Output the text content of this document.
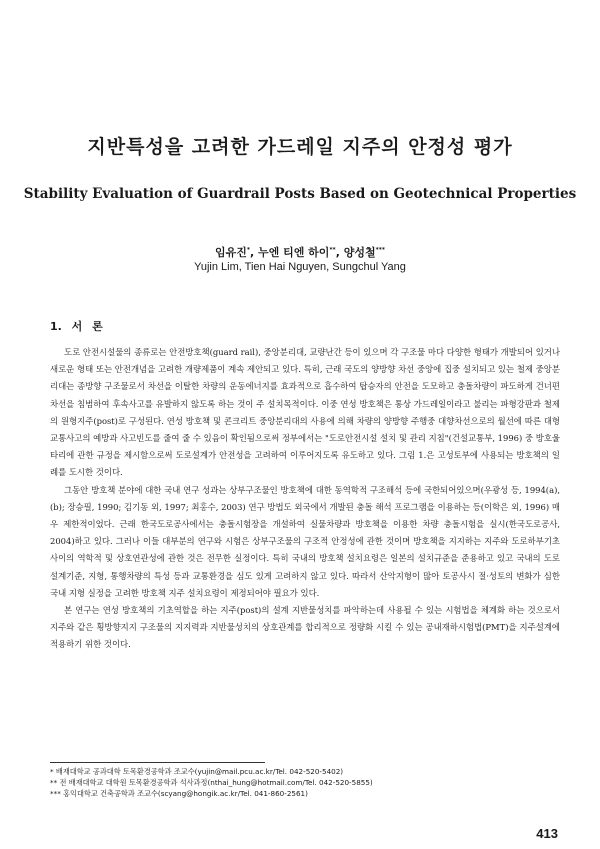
지반특성을 고려한 가드레일 지주의 안정성 평가
Stability Evaluation of Guardrail Posts Based on Geotechnical Properties
임유진*, 누엔 티엔 하이**, 양성철***
Yujin Lim, Tien Hai Nguyen, Sungchul Yang
1. 서 론

도로 안전시설물의 종류로는 안전방호책(guard rail), 중앙분리대, 교량난간 등이 있으며 각 구조물 마다 다양한 형태가 개발되어 있거나 새로운 형태 또는 안전개념을 고려한 개량제품이 계속 제안되고 있다. 특히, 근래 국도의 양방향 차선 중앙에 집중 설치되고 있는 철제 중앙분리대는 종방향 구조물로서 차선을 이탈한 차량의 운동에너지를 효과적으로 흡수하여 탑승자의 안전을 도모하고 충돌차량이 파도하게 건너편 차선을 침범하여 후속사고를 유발하지 않도록 하는 것이 주 설치목적이다. 이중 연성 방호책은 통상 가드레일이라고 불리는 파형강판과 철제의 원형지주(post)로 구성된다. 연성 방호책 및 콘크리트 중앙분리대의 사용에 의해 차량의 양방향 주행중 대향차선으로의 월선에 따른 대형교통사고의 예방과 사고빈도를 줄여 줄 수 있음이 확인됨으로써 정부에서는 "도로안전시설 설치 및 관리 지침"(건설교통부, 1996) 중 방호울타리에 관한 규정을 제시함으로써 도로설계가 안전성을 고려하여 이루어지도록 유도하고 있다. 그림 1.은 고성토부에 사용되는 방호책의 일례를 도시한 것이다.

그동안 방호책 분야에 대한 국내 연구 성과는 상부구조물인 방호책에 대한 동역학적 구조해석 등에 국한되어있으며(우광성 등, 1994(a), (b); 장승필, 1990; 김기동 외, 1997; 최홍수, 2003) 연구 방법도 외국에서 개발된 충돌 해석 프로그램을 이용하는 등(이학은 외, 1996) 매우 제한적이었다. 근래 한국도로공사에서는 충돌시험장을 개설하여 실물차량과 방호책을 이용한 차량 충돌시험을 실시(한국도로공사, 2004)하고 있다. 그러나 이들 대부분의 연구와 시험은 상부구조물의 구조적 안정성에 관한 것이며 방호책을 지지하는 지주와 도로하부기초 사이의 역학적 및 상호연관성에 관한 것은 전무한 실정이다. 특히 국내의 방호책 설치요령은 일본의 설치규준을 준용하고 있고 국내의 도로 설계기준, 지형, 통행차량의 특성 등과 교통환경을 심도 있게 고려하지 않고 있다. 따라서 산악지형이 많아 토공사시 절·성토의 변화가 심한 국내 지형 실정을 고려한 방호책 지주 설치요령이 제정되어야 필요가 있다.

본 연구는 연성 방호책의 기초역할을 하는 지주(post)의 설계 지반물성치를 파악하는데 사용될 수 있는 시험법을 체계화 하는 것으로서 지주와 같은 횡방향지지 구조물의 지지력과 지반물성치의 상호관계를 합리적으로 정량화 시킬 수 있는 공내재하시험법(PMT)을 지주설계에 적용하기 위한 것이다.

* 배재대학교 공과대학 토목환경공학과 조교수(yujin@mail.pcu.ac.kr/Tel. 042-520-5402)
** 전 배재대학교 대학원 토목환경공학과 석사과정(nthai_hung@hotmail.com/Tel. 042-520-5855)
*** 홍익대학교 건축공학과 조교수(scyang@hongik.ac.kr/Tel. 041-860-2561)
413
